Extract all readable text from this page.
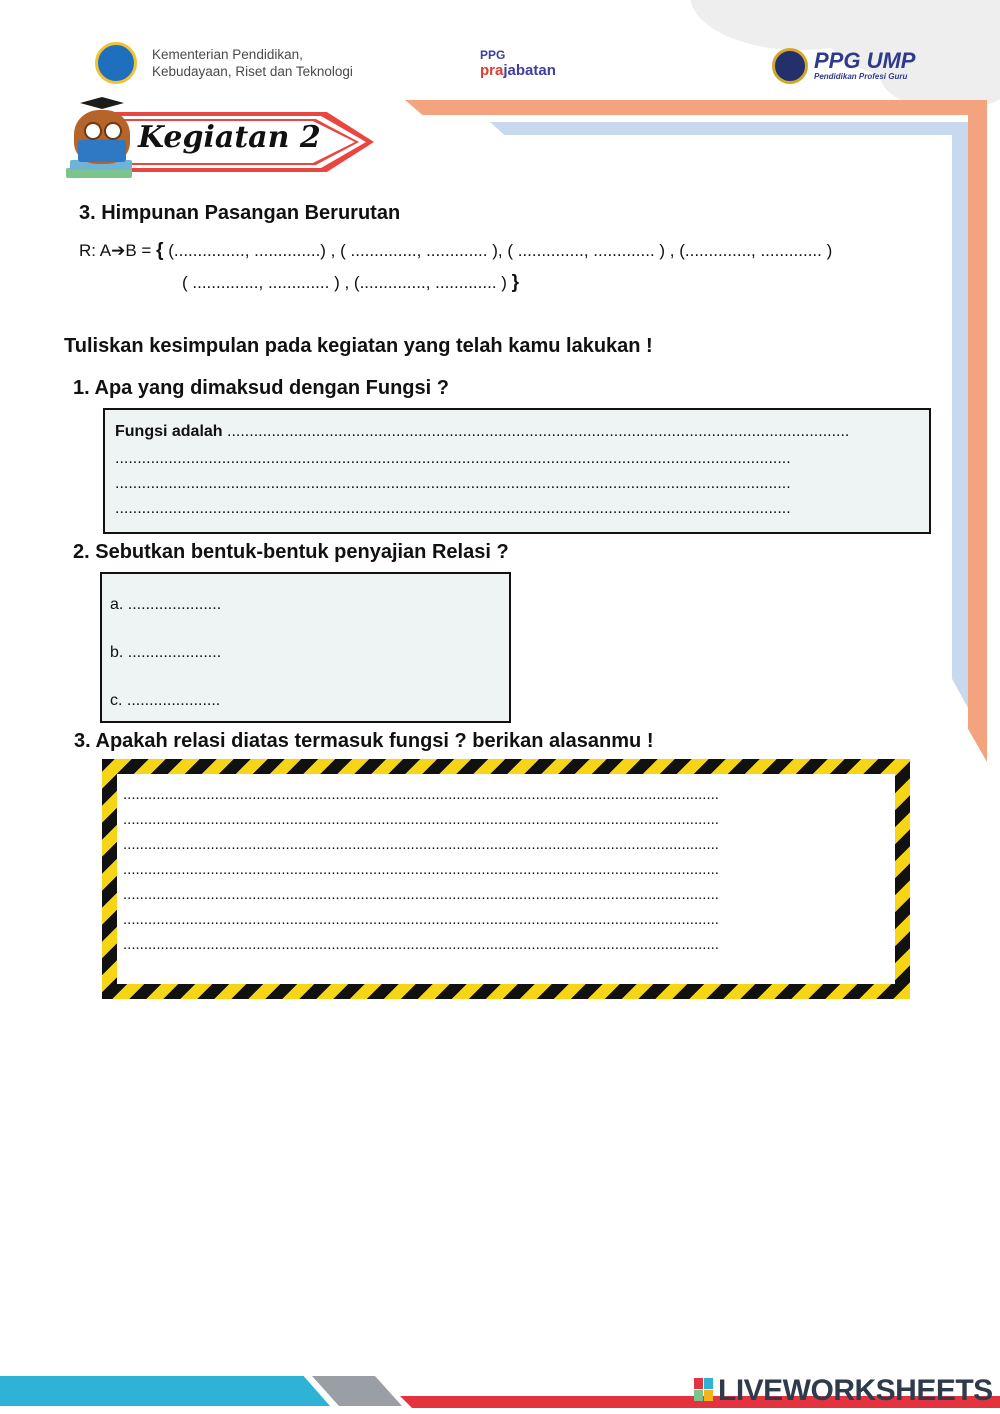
Kementerian Pendidikan,
Kebudayaan, Riset dan Teknologi
PPG
prajabatan	PPG UMP
Pendidikan Profesi Guru
Kegiatan 2
3. Himpunan Pasangan Berurutan
R: A➔B = { (..............., ..............) , ( .............., ............. ), ( .............., ............. ) , (.............., ............. )
( .............., ............. ) , (.............., ............. ) }
Tuliskan kesimpulan pada kegiatan yang telah kamu lakukan !
1. Apa yang dimaksud dengan Fungsi ?
Fungsi adalah ............................................................................................................................................
........................................................................................................................................................
........................................................................................................................................................
........................................................................................................................................................
2. Sebutkan bentuk-bentuk penyajian Relasi ?
a. .....................
b. .....................
c. .....................
3. Apakah relasi diatas termasuk fungsi ? berikan alasanmu !
...............................................................................................................................................
...............................................................................................................................................
...............................................................................................................................................
...............................................................................................................................................
...............................................................................................................................................
...............................................................................................................................................
...............................................................................................................................................
LIVEWORKSHEETS
